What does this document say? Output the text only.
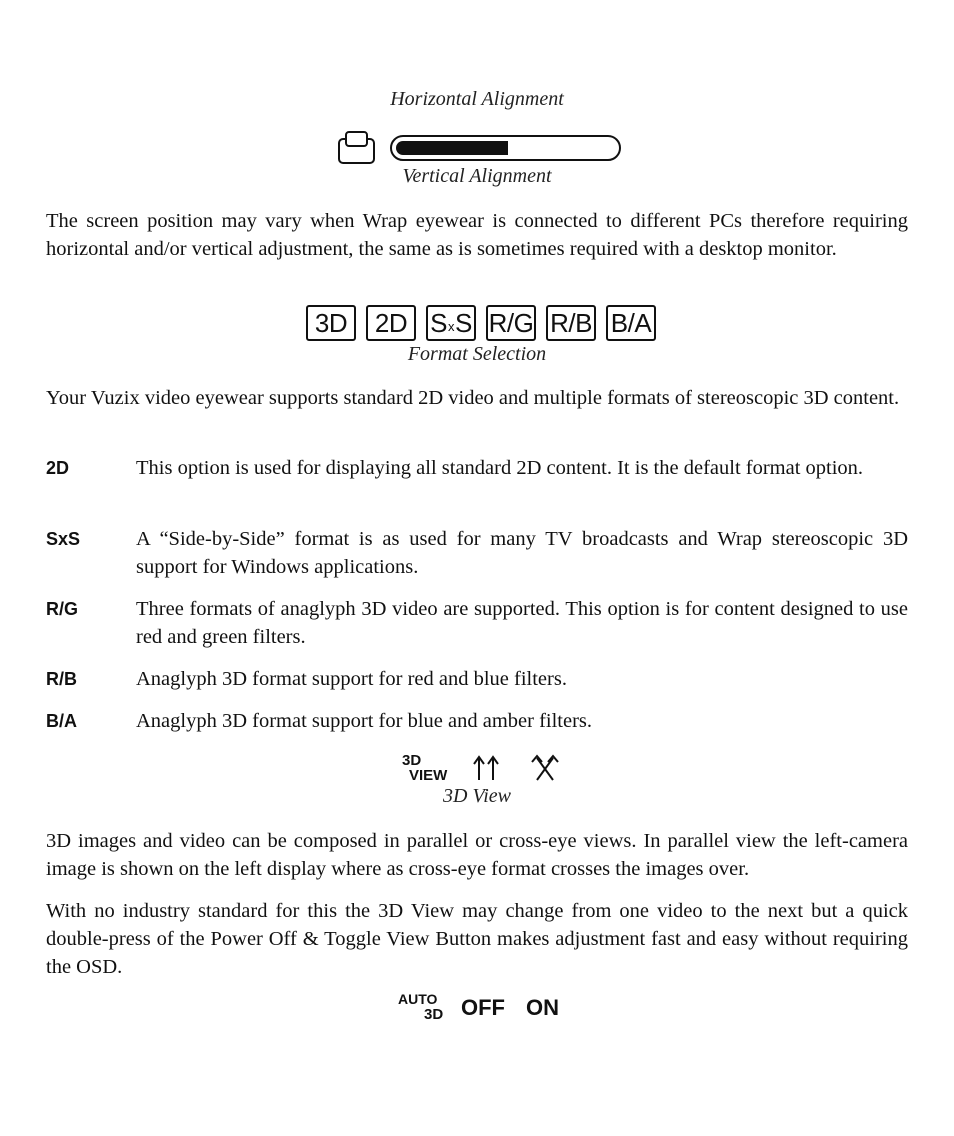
Horizontal Alignment
Vertical Alignment
The screen position may vary when Wrap eyewear is connected to different PCs therefore requiring horizontal and/or vertical adjustment, the same as is sometimes required with a desktop monitor.
3D 2D S x S R/G R/B B/A
Format Selection
Your Vuzix video eyewear supports standard 2D video and multiple formats of stereoscopic 3D content.
2D	This option is used for displaying all standard 2D content. It is the default format option.
SxS	A “Side-by-Side” format is as used for many TV broadcasts and Wrap stereoscopic 3D support for Windows applications.
R/G	Three formats of anaglyph 3D video are supported. This option is for content designed to use red and green filters.
R/B	Anaglyph 3D format support for red and blue filters.
B/A	Anaglyph 3D format support for blue and amber filters.
3D
VIEW
3D View
3D images and video can be composed in parallel or cross-eye views. In parallel view the left-camera image is shown on the left display where as cross-eye format crosses the images over.
With no industry standard for this the 3D View may change from one video to the next but a quick double-press of the Power Off & Toggle View Button makes adjustment fast and easy without requiring the OSD.
AUTO
3D OFF ON
